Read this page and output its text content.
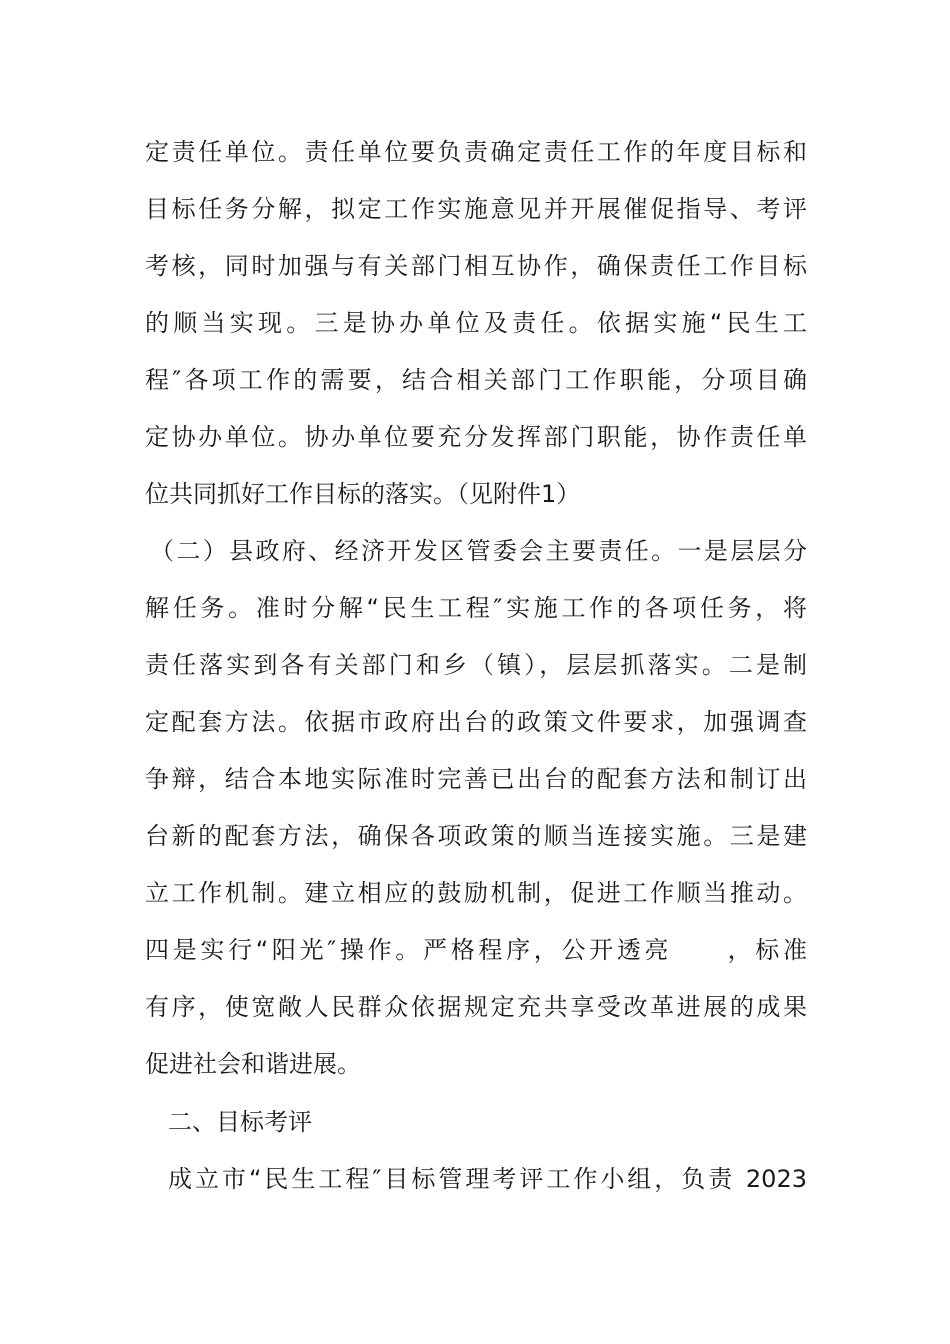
定责任单位。责任单位要负责确定责任工作的年度目标和
目标任务分解，拟定工作实施意见并开展催促指导、考评
考核，同时加强与有关部门相互协作，确保责任工作目标
的顺当实现。三是协办单位及责任。依据实施“民生工
程″各项工作的需要，结合相关部门工作职能，分项目确
定协办单位。协办单位要充分发挥部门职能，协作责任单
位共同抓好工作目标的落实。（见附件1）
（二）县政府、经济开发区管委会主要责任。一是层层分
解任务。准时分解“民生工程″实施工作的各项任务，将
责任落实到各有关部门和乡（镇），层层抓落实。二是制
定配套方法。依据市政府出台的政策文件要求，加强调查
争辩，结合本地实际准时完善已出台的配套方法和制订出
台新的配套方法，确保各项政策的顺当连接实施。三是建
立工作机制。建立相应的鼓励机制，促进工作顺当推动。
四是实行“阳光″操作。严格程序，公开透亮　　，标准
有序，使宽敞人民群众依据规定充共享受改革进展的成果
促进社会和谐进展。
二、目标考评
成立市“民生工程″目标管理考评工作小组，负责 2023
